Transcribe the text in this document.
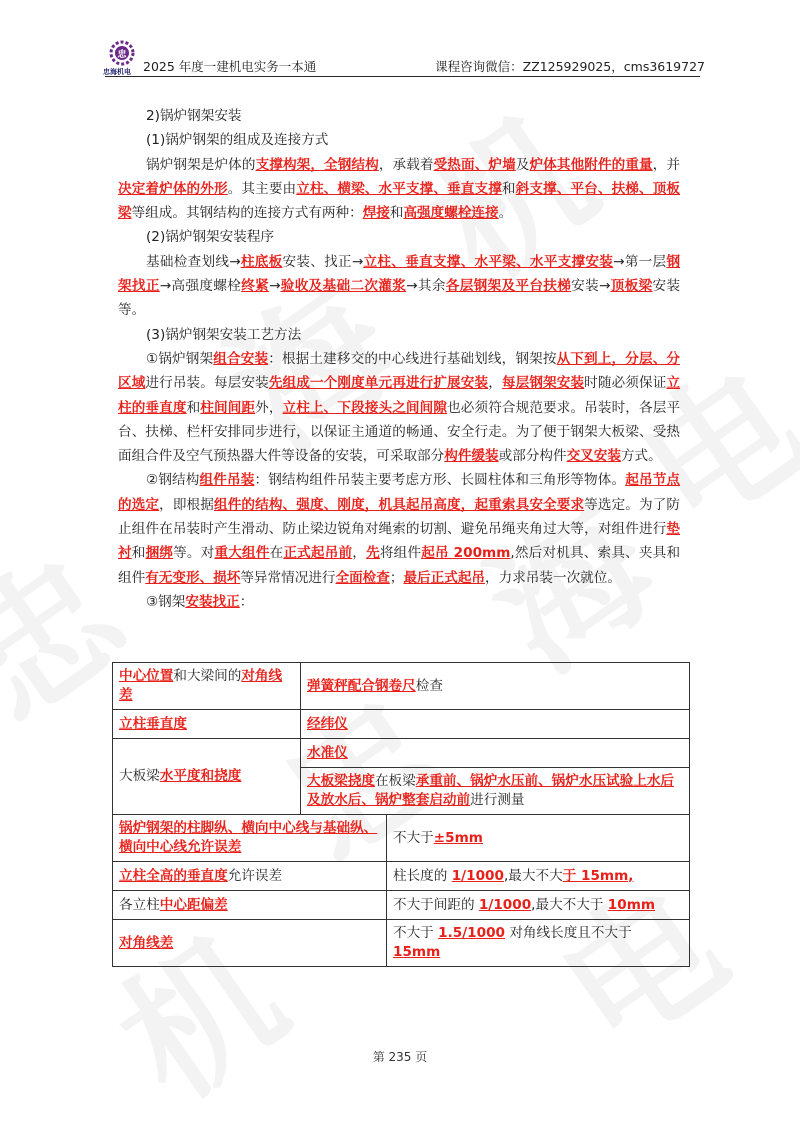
忠
忠海机电 2025 年度一建机电实务一本通	课程咨询微信：ZZ125929025，cms3619727

2)锅炉钢架安装

(1)锅炉钢架的组成及连接方式

锅炉钢架是炉体的支撑构架，全钢结构，承载着受热面、炉墙及炉体其他附件的重量，并决定着炉体的外形。其主要由立柱、横梁、水平支撑、垂直支撑和斜支撑、平台、扶梯、顶板梁等组成。其钢结构的连接方式有两种：焊接和高强度螺栓连接。

(2)锅炉钢架安装程序

基础检查划线→柱底板安装、找正→立柱、垂直支撑、水平梁、水平支撑安装→第一层钢架找正→高强度螺栓终紧→验收及基础二次灌浆→其余各层钢架及平台扶梯安装→顶板梁安装等。

(3)锅炉钢架安装工艺方法

①锅炉钢架组合安装：根据土建移交的中心线进行基础划线，钢架按从下到上，分层、分区域进行吊装。每层安装先组成一个刚度单元再进行扩展安装，每层钢架安装时随必须保证立柱的垂直度和柱间间距外，立柱上、下段接头之间间隙也必须符合规范要求。吊装时，各层平台、扶梯、栏杆安排同步进行，以保证主通道的畅通、安全行走。为了便于钢架大板梁、受热面组合件及空气预热器大件等设备的安装，可采取部分构件缓装或部分构件交叉安装方式。

②钢结构组件吊装：钢结构组件吊装主要考虑方形、长圆柱体和三角形等物体。起吊节点的选定，即根据组件的结构、强度、刚度，机具起吊高度，起重索具安全要求等选定。为了防止组件在吊装时产生滑动、防止梁边锐角对绳索的切割、避免吊绳夹角过大等，对组件进行垫衬和捆绑等。对重大组件在正式起吊前，先将组件起吊 200mm,然后对机具、索具、夹具和组件有无变形、损坏等异常情况进行全面检查；最后正式起吊，力求吊装一次就位。

③钢架安装找正：

中心位置和大梁间的对角线差	弹簧秤配合钢卷尺检查	
立柱垂直度	经纬仪	
大板梁水平度和挠度	水准仪	
	大板梁挠度在板梁承重前、锅炉水压前、锅炉水压试验上水后及放水后、锅炉整套启动前进行测量	
锅炉钢架的柱脚纵、横向中心线与基础纵、横向中心线允许误差		不大于±5mm
立柱全高的垂直度允许误差		柱长度的 1/1000,最大不大于 15mm,
各立柱中心距偏差		不大于间距的 1/1000,最大不大于 10mm
对角线差		不大于 1.5/1000 对角线长度且不大于 15mm
第 235 页
